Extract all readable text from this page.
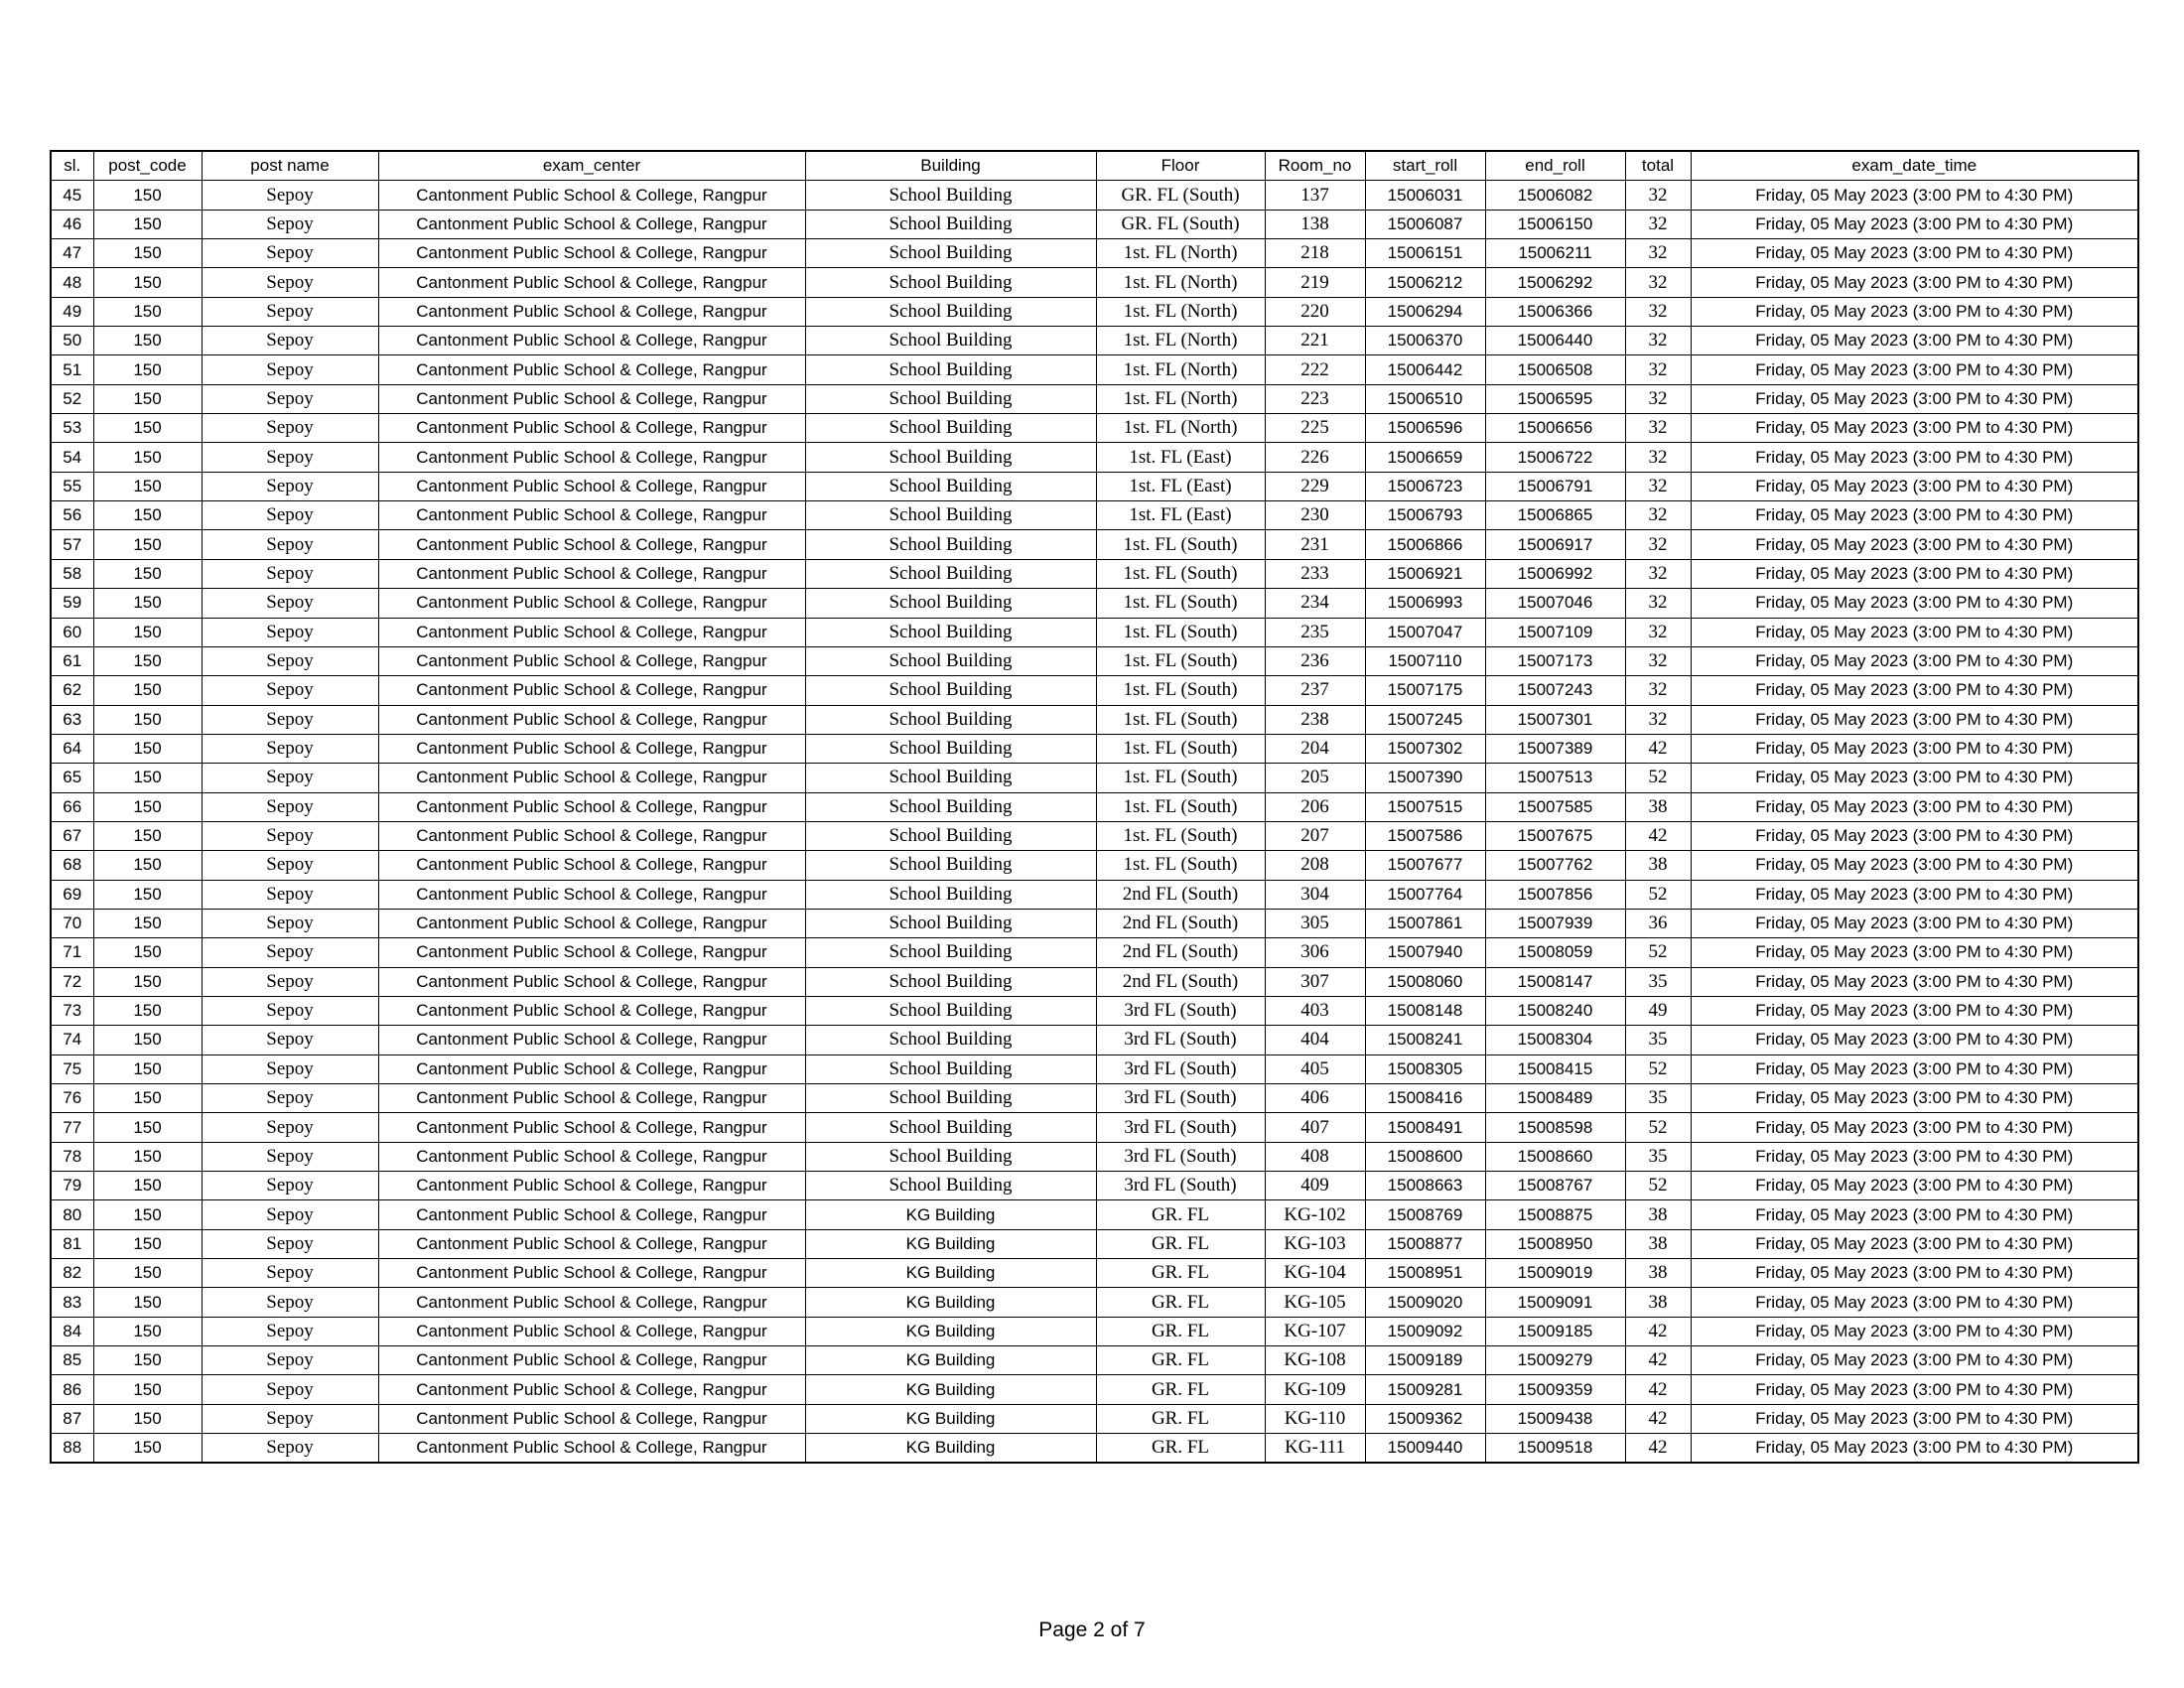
sl.	post_code	post name	exam_center	Building	Floor	Room_no	start_roll	end_roll	total	exam_date_time
45	150	Sepoy	Cantonment Public School & College, Rangpur	School Building	GR. FL (South)	137	15006031	15006082	32	Friday, 05 May 2023 (3:00 PM to 4:30 PM)
46	150	Sepoy	Cantonment Public School & College, Rangpur	School Building	GR. FL (South)	138	15006087	15006150	32	Friday, 05 May 2023 (3:00 PM to 4:30 PM)
47	150	Sepoy	Cantonment Public School & College, Rangpur	School Building	1st. FL (North)	218	15006151	15006211	32	Friday, 05 May 2023 (3:00 PM to 4:30 PM)
48	150	Sepoy	Cantonment Public School & College, Rangpur	School Building	1st. FL (North)	219	15006212	15006292	32	Friday, 05 May 2023 (3:00 PM to 4:30 PM)
49	150	Sepoy	Cantonment Public School & College, Rangpur	School Building	1st. FL (North)	220	15006294	15006366	32	Friday, 05 May 2023 (3:00 PM to 4:30 PM)
50	150	Sepoy	Cantonment Public School & College, Rangpur	School Building	1st. FL (North)	221	15006370	15006440	32	Friday, 05 May 2023 (3:00 PM to 4:30 PM)
51	150	Sepoy	Cantonment Public School & College, Rangpur	School Building	1st. FL (North)	222	15006442	15006508	32	Friday, 05 May 2023 (3:00 PM to 4:30 PM)
52	150	Sepoy	Cantonment Public School & College, Rangpur	School Building	1st. FL (North)	223	15006510	15006595	32	Friday, 05 May 2023 (3:00 PM to 4:30 PM)
53	150	Sepoy	Cantonment Public School & College, Rangpur	School Building	1st. FL (North)	225	15006596	15006656	32	Friday, 05 May 2023 (3:00 PM to 4:30 PM)
54	150	Sepoy	Cantonment Public School & College, Rangpur	School Building	1st. FL (East)	226	15006659	15006722	32	Friday, 05 May 2023 (3:00 PM to 4:30 PM)
55	150	Sepoy	Cantonment Public School & College, Rangpur	School Building	1st. FL (East)	229	15006723	15006791	32	Friday, 05 May 2023 (3:00 PM to 4:30 PM)
56	150	Sepoy	Cantonment Public School & College, Rangpur	School Building	1st. FL (East)	230	15006793	15006865	32	Friday, 05 May 2023 (3:00 PM to 4:30 PM)
57	150	Sepoy	Cantonment Public School & College, Rangpur	School Building	1st. FL (South)	231	15006866	15006917	32	Friday, 05 May 2023 (3:00 PM to 4:30 PM)
58	150	Sepoy	Cantonment Public School & College, Rangpur	School Building	1st. FL (South)	233	15006921	15006992	32	Friday, 05 May 2023 (3:00 PM to 4:30 PM)
59	150	Sepoy	Cantonment Public School & College, Rangpur	School Building	1st. FL (South)	234	15006993	15007046	32	Friday, 05 May 2023 (3:00 PM to 4:30 PM)
60	150	Sepoy	Cantonment Public School & College, Rangpur	School Building	1st. FL (South)	235	15007047	15007109	32	Friday, 05 May 2023 (3:00 PM to 4:30 PM)
61	150	Sepoy	Cantonment Public School & College, Rangpur	School Building	1st. FL (South)	236	15007110	15007173	32	Friday, 05 May 2023 (3:00 PM to 4:30 PM)
62	150	Sepoy	Cantonment Public School & College, Rangpur	School Building	1st. FL (South)	237	15007175	15007243	32	Friday, 05 May 2023 (3:00 PM to 4:30 PM)
63	150	Sepoy	Cantonment Public School & College, Rangpur	School Building	1st. FL (South)	238	15007245	15007301	32	Friday, 05 May 2023 (3:00 PM to 4:30 PM)
64	150	Sepoy	Cantonment Public School & College, Rangpur	School Building	1st. FL (South)	204	15007302	15007389	42	Friday, 05 May 2023 (3:00 PM to 4:30 PM)
65	150	Sepoy	Cantonment Public School & College, Rangpur	School Building	1st. FL (South)	205	15007390	15007513	52	Friday, 05 May 2023 (3:00 PM to 4:30 PM)
66	150	Sepoy	Cantonment Public School & College, Rangpur	School Building	1st. FL (South)	206	15007515	15007585	38	Friday, 05 May 2023 (3:00 PM to 4:30 PM)
67	150	Sepoy	Cantonment Public School & College, Rangpur	School Building	1st. FL (South)	207	15007586	15007675	42	Friday, 05 May 2023 (3:00 PM to 4:30 PM)
68	150	Sepoy	Cantonment Public School & College, Rangpur	School Building	1st. FL (South)	208	15007677	15007762	38	Friday, 05 May 2023 (3:00 PM to 4:30 PM)
69	150	Sepoy	Cantonment Public School & College, Rangpur	School Building	2nd FL (South)	304	15007764	15007856	52	Friday, 05 May 2023 (3:00 PM to 4:30 PM)
70	150	Sepoy	Cantonment Public School & College, Rangpur	School Building	2nd FL (South)	305	15007861	15007939	36	Friday, 05 May 2023 (3:00 PM to 4:30 PM)
71	150	Sepoy	Cantonment Public School & College, Rangpur	School Building	2nd FL (South)	306	15007940	15008059	52	Friday, 05 May 2023 (3:00 PM to 4:30 PM)
72	150	Sepoy	Cantonment Public School & College, Rangpur	School Building	2nd FL (South)	307	15008060	15008147	35	Friday, 05 May 2023 (3:00 PM to 4:30 PM)
73	150	Sepoy	Cantonment Public School & College, Rangpur	School Building	3rd FL (South)	403	15008148	15008240	49	Friday, 05 May 2023 (3:00 PM to 4:30 PM)
74	150	Sepoy	Cantonment Public School & College, Rangpur	School Building	3rd FL (South)	404	15008241	15008304	35	Friday, 05 May 2023 (3:00 PM to 4:30 PM)
75	150	Sepoy	Cantonment Public School & College, Rangpur	School Building	3rd FL (South)	405	15008305	15008415	52	Friday, 05 May 2023 (3:00 PM to 4:30 PM)
76	150	Sepoy	Cantonment Public School & College, Rangpur	School Building	3rd FL (South)	406	15008416	15008489	35	Friday, 05 May 2023 (3:00 PM to 4:30 PM)
77	150	Sepoy	Cantonment Public School & College, Rangpur	School Building	3rd FL (South)	407	15008491	15008598	52	Friday, 05 May 2023 (3:00 PM to 4:30 PM)
78	150	Sepoy	Cantonment Public School & College, Rangpur	School Building	3rd FL (South)	408	15008600	15008660	35	Friday, 05 May 2023 (3:00 PM to 4:30 PM)
79	150	Sepoy	Cantonment Public School & College, Rangpur	School Building	3rd FL (South)	409	15008663	15008767	52	Friday, 05 May 2023 (3:00 PM to 4:30 PM)
80	150	Sepoy	Cantonment Public School & College, Rangpur	KG Building	GR. FL	KG-102	15008769	15008875	38	Friday, 05 May 2023 (3:00 PM to 4:30 PM)
81	150	Sepoy	Cantonment Public School & College, Rangpur	KG Building	GR. FL	KG-103	15008877	15008950	38	Friday, 05 May 2023 (3:00 PM to 4:30 PM)
82	150	Sepoy	Cantonment Public School & College, Rangpur	KG Building	GR. FL	KG-104	15008951	15009019	38	Friday, 05 May 2023 (3:00 PM to 4:30 PM)
83	150	Sepoy	Cantonment Public School & College, Rangpur	KG Building	GR. FL	KG-105	15009020	15009091	38	Friday, 05 May 2023 (3:00 PM to 4:30 PM)
84	150	Sepoy	Cantonment Public School & College, Rangpur	KG Building	GR. FL	KG-107	15009092	15009185	42	Friday, 05 May 2023 (3:00 PM to 4:30 PM)
85	150	Sepoy	Cantonment Public School & College, Rangpur	KG Building	GR. FL	KG-108	15009189	15009279	42	Friday, 05 May 2023 (3:00 PM to 4:30 PM)
86	150	Sepoy	Cantonment Public School & College, Rangpur	KG Building	GR. FL	KG-109	15009281	15009359	42	Friday, 05 May 2023 (3:00 PM to 4:30 PM)
87	150	Sepoy	Cantonment Public School & College, Rangpur	KG Building	GR. FL	KG-110	15009362	15009438	42	Friday, 05 May 2023 (3:00 PM to 4:30 PM)
88	150	Sepoy	Cantonment Public School & College, Rangpur	KG Building	GR. FL	KG-111	15009440	15009518	42	Friday, 05 May 2023 (3:00 PM to 4:30 PM)
Page 2 of 7
